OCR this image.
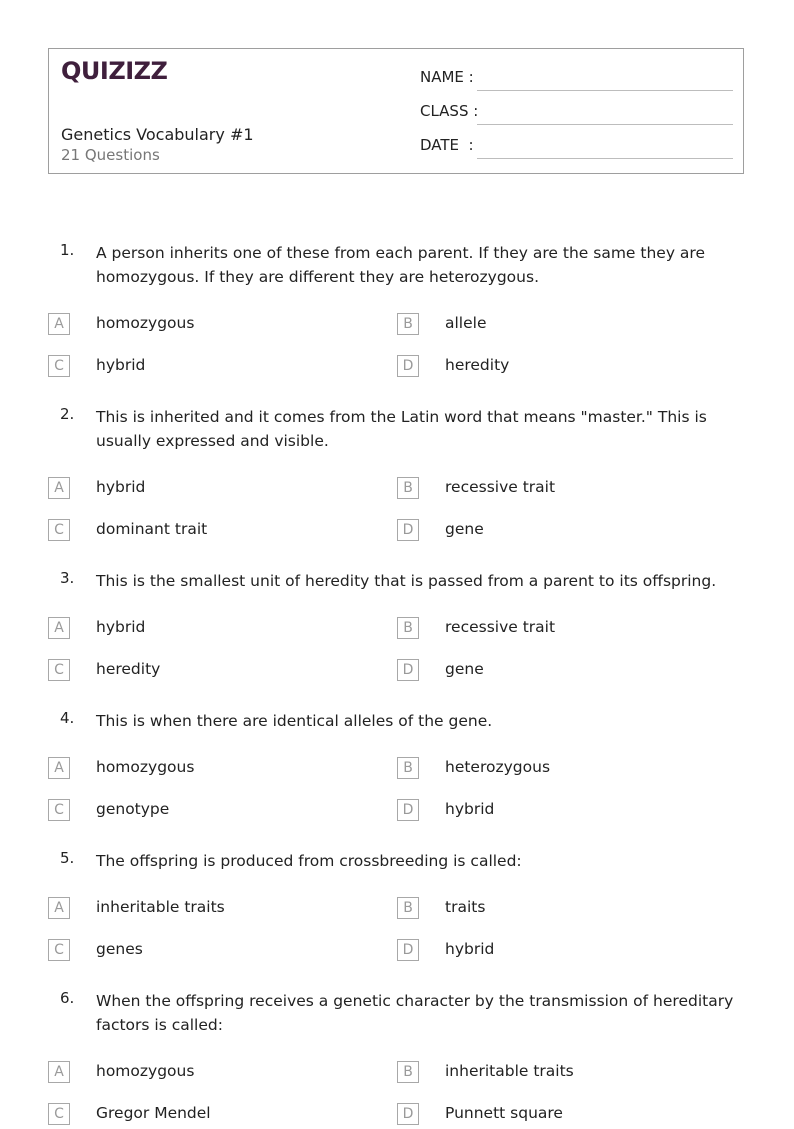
QUIZIZZ
Genetics Vocabulary #1
21 Questions
NAME :
CLASS :
DATE  :
1. A person inherits one of these from each parent. If they are the same they are homozygous. If they are different they are heterozygous.
A	homozygous	B	allele
C	hybrid	D	heredity
2. This is inherited and it comes from the Latin word that means "master." This is usually expressed and visible.
A	hybrid	B	recessive trait
C	dominant trait	D	gene
3. This is the smallest unit of heredity that is passed from a parent to its offspring.
A	hybrid	B	recessive trait
C	heredity	D	gene
4. This is when there are identical alleles of the gene.
A	homozygous	B	heterozygous
C	genotype	D	hybrid
5. The offspring is produced from crossbreeding is called:
A	inheritable traits	B	traits
C	genes	D	hybrid
6. When the offspring receives a genetic character by the transmission of hereditary factors is called:
A	homozygous	B	inheritable traits
C	Gregor Mendel	D	Punnett square
